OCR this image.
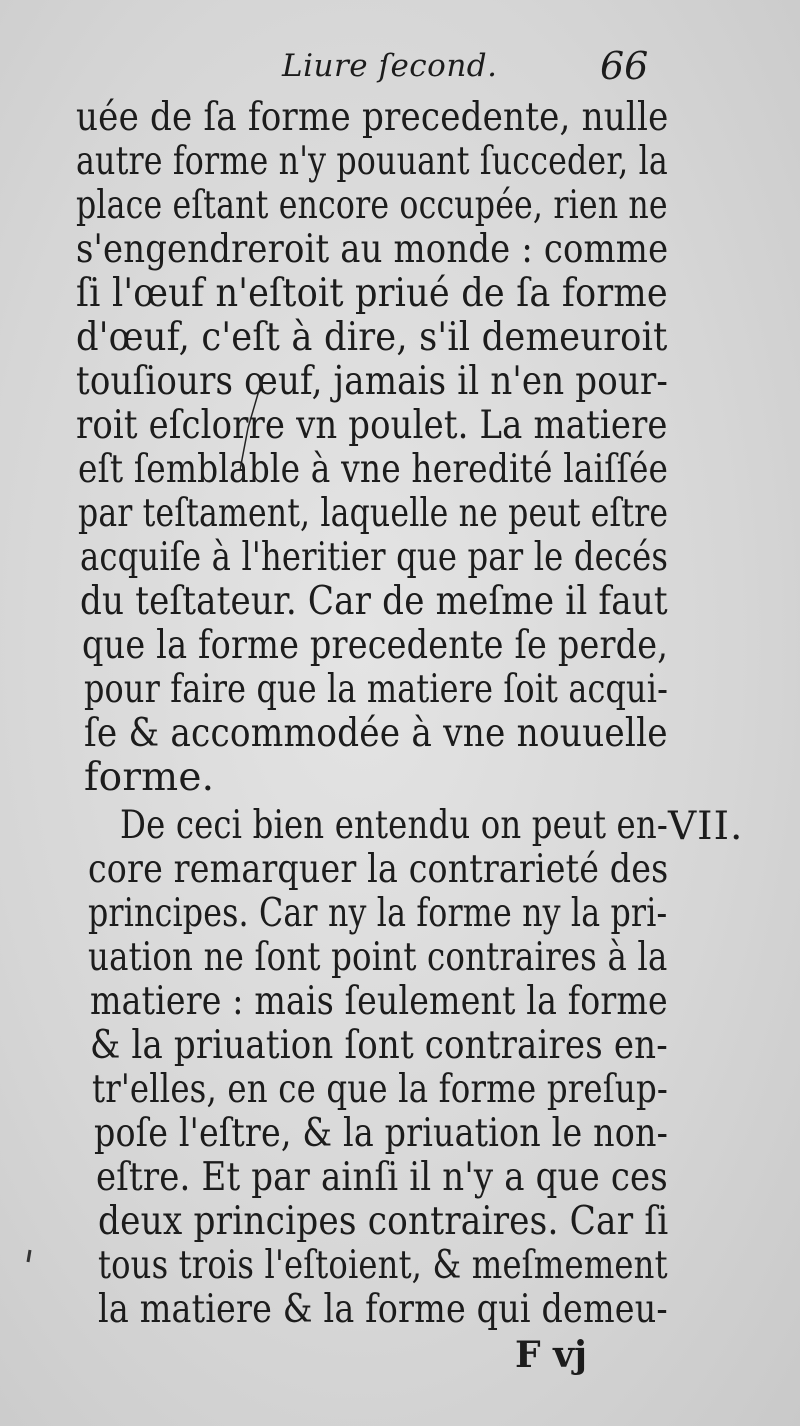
Liure ſecond.	66
uée de ſa forme precedente, nulle
autre forme n'y pouuant ſucceder, la
place eſtant encore occupée, rien ne
s'engendreroit au monde : comme
ſi l'œuf n'eſtoit priué de ſa forme
d'œuf, c'eſt à dire, s'il demeuroit
touſiours œuf, jamais il n'en pour-
roit eſclorre vn poulet. La matiere
eſt ſemblable à vne heredité laiſſée
par teſtament, laquelle ne peut eſtre
acquiſe à l'heritier que par le decés
du teſtateur. Car de meſme il faut
que la forme precedente ſe perde,
pour faire que la matiere ſoit acqui-
ſe & accommodée à vne nouuelle
forme.
De ceci bien entendu on peut en-
core remarquer la contrarieté des
principes. Car ny la forme ny la pri-
uation ne ſont point contraires à la
matiere : mais ſeulement la forme
& la priuation ſont contraires en-
tr'elles, en ce que la forme preſup-
poſe l'eſtre, & la priuation le non-
eſtre. Et par ainſi il n'y a que ces
deux principes contraires. Car ſi
tous trois l'eſtoient, & meſmement
la matiere & la forme qui demeu-
VII.
F vj
